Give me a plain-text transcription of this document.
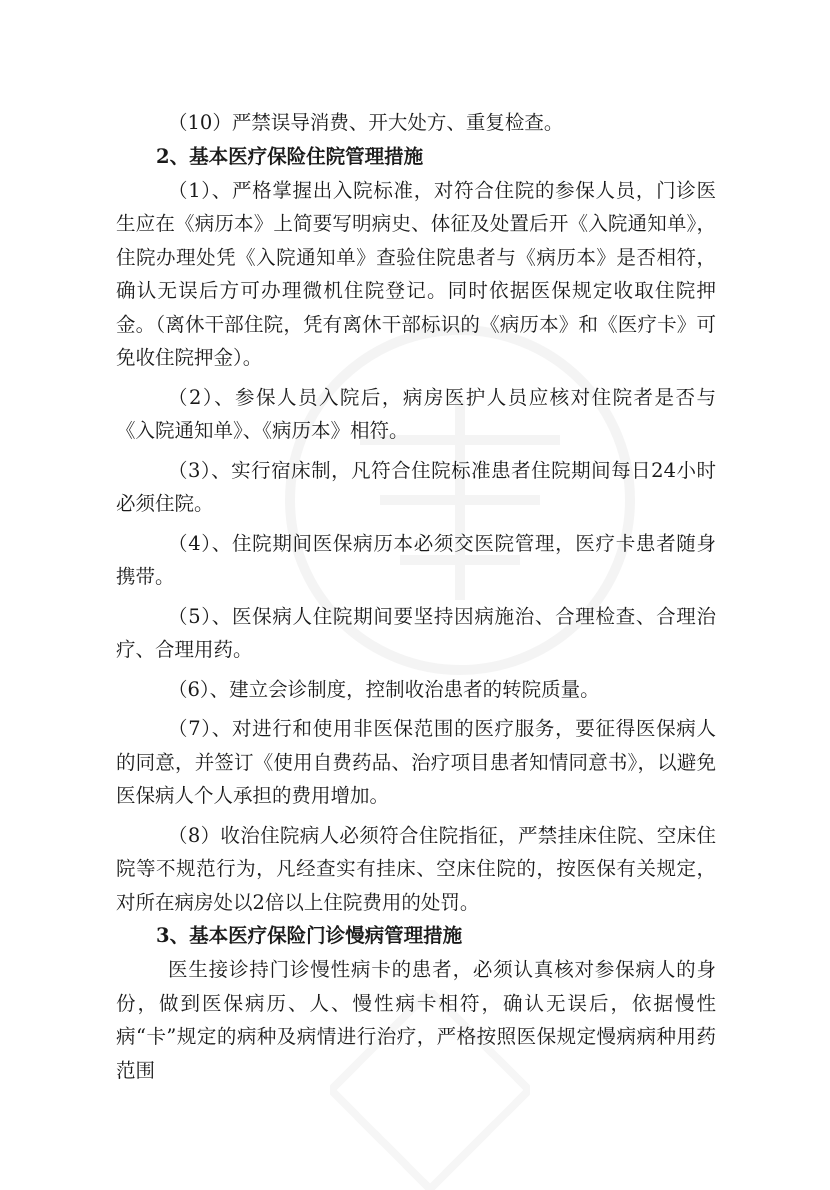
（10）严禁误导消费、开大处方、重复检查。

2、基本医疗保险住院管理措施

（1）、严格掌握出入院标准，对符合住院的参保人员，门诊医生应在《病历本》上简要写明病史、体征及处置后开《入院通知单》，住院办理处凭《入院通知单》查验住院患者与《病历本》是否相符，确认无误后方可办理微机住院登记。同时依据医保规定收取住院押金。（离休干部住院，凭有离休干部标识的《病历本》和《医疗卡》可免收住院押金）。

（2）、参保人员入院后，病房医护人员应核对住院者是否与《入院通知单》、《病历本》相符。

（3）、实行宿床制，凡符合住院标准患者住院期间每日24小时必须住院。

（4）、住院期间医保病历本必须交医院管理，医疗卡患者随身携带。

（5）、医保病人住院期间要坚持因病施治、合理检查、合理治疗、合理用药。

（6）、建立会诊制度，控制收治患者的转院质量。

（7）、对进行和使用非医保范围的医疗服务，要征得医保病人的同意，并签订《使用自费药品、治疗项目患者知情同意书》，以避免医保病人个人承担的费用增加。

（8）收治住院病人必须符合住院指征，严禁挂床住院、空床住院等不规范行为，凡经查实有挂床、空床住院的，按医保有关规定，对所在病房处以2倍以上住院费用的处罚。

3、基本医疗保险门诊慢病管理措施

医生接诊持门诊慢性病卡的患者，必须认真核对参保病人的身份，做到医保病历、人、慢性病卡相符，确认无误后，依据慢性病“卡”规定的病种及病情进行治疗，严格按照医保规定慢病病种用药范围
